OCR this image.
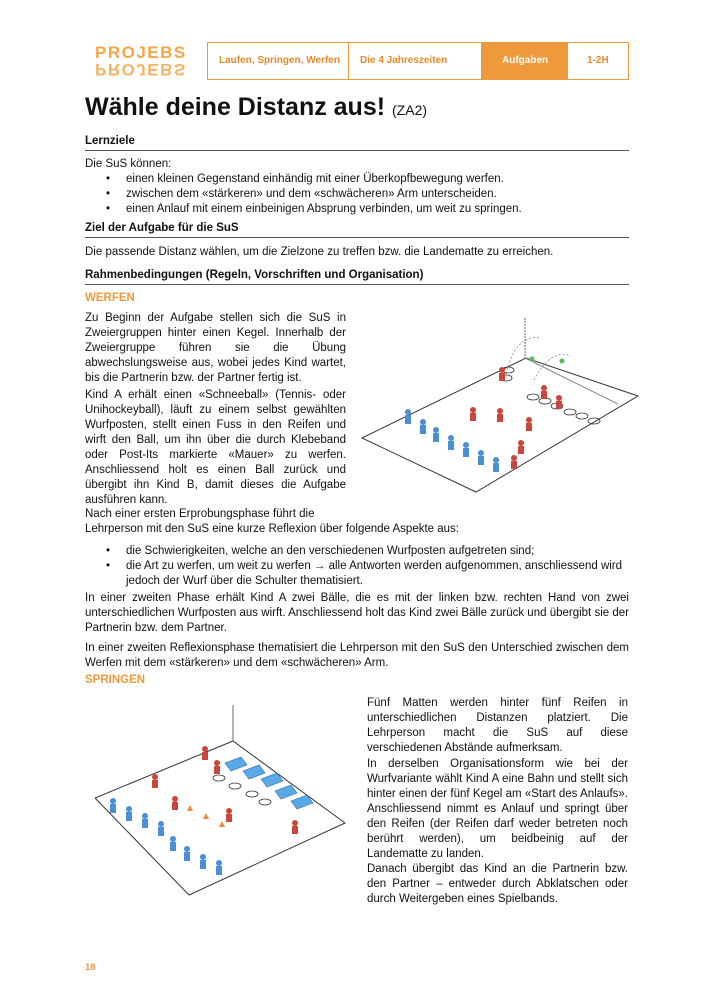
PROJEBS
PROJEBS	Laufen, Springen, Werfen	Die 4 Jahreszeiten	Aufgaben	1-2H
Wähle deine Distanz aus! (ZA2)
Lernziele
Die SuS können:
• einen kleinen Gegenstand einhändig mit einer Überkopfbewegung werfen.
• zwischen dem «stärkeren» und dem «schwächeren» Arm unterscheiden.
• einen Anlauf mit einem einbeinigen Absprung verbinden, um weit zu springen.
Ziel der Aufgabe für die SuS
Die passende Distanz wählen, um die Zielzone zu treffen bzw. die Landematte zu erreichen.
Rahmenbedingungen (Regeln, Vorschriften und Organisation)
WERFEN
Zu Beginn der Aufgabe stellen sich die SuS in Zweiergruppen hinter einen Kegel. Innerhalb der Zweiergruppe führen sie die Übung abwechslungsweise aus, wobei jedes Kind wartet, bis die Partnerin bzw. der Partner fertig ist.
Kind A erhält einen «Schneeball» (Tennis- oder Unihockeyball), läuft zu einem selbst gewählten Wurfposten, stellt einen Fuss in den Reifen und wirft den Ball, um ihn über die durch Klebeband oder Post-Its markierte «Mauer» zu werfen. Anschliessend holt es einen Ball zurück und übergibt ihn Kind B, damit dieses die Aufgabe ausführen kann.
Nach einer ersten Erprobungsphase führt die
Lehrperson mit den SuS eine kurze Reflexion über folgende Aspekte aus:
• die Schwierigkeiten, welche an den verschiedenen Wurfposten aufgetreten sind;
• die Art zu werfen, um weit zu werfen → alle Antworten werden aufgenommen, anschliessend wird jedoch der Wurf über die Schulter thematisiert.
In einer zweiten Phase erhält Kind A zwei Bälle, die es mit der linken bzw. rechten Hand von zwei unterschiedlichen Wurfposten aus wirft. Anschliessend holt das Kind zwei Bälle zurück und übergibt sie der Partnerin bzw. dem Partner.
In einer zweiten Reflexionsphase thematisiert die Lehrperson mit den SuS den Unterschied zwischen dem Werfen mit dem «stärkeren» und dem «schwächeren» Arm.
SPRINGEN
Fünf Matten werden hinter fünf Reifen in unterschiedlichen Distanzen platziert. Die Lehrperson macht die SuS auf diese verschiedenen Abstände aufmerksam.
In derselben Organisationsform wie bei der Wurfvariante wählt Kind A eine Bahn und stellt sich hinter einen der fünf Kegel am «Start des Anlaufs». Anschliessend nimmt es Anlauf und springt über den Reifen (der Reifen darf weder betreten noch berührt werden), um beidbeinig auf der Landematte zu landen.
Danach übergibt das Kind an die Partnerin bzw. den Partner – entweder durch Abklatschen oder durch Weitergeben eines Spielbands.
18
